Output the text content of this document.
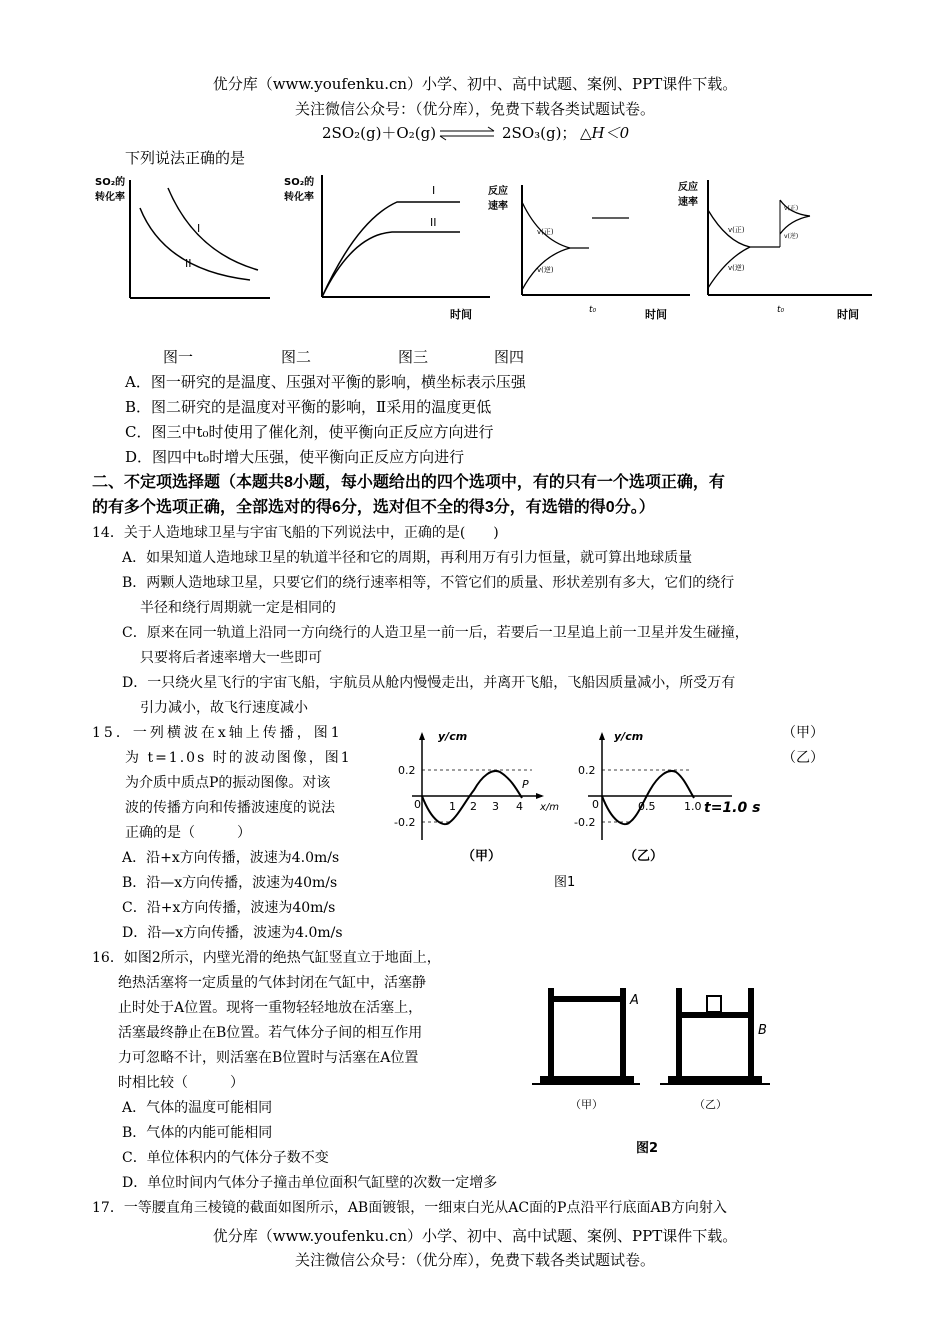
优分库（www.youfenku.cn）小学、初中、高中试题、案例、PPT课件下载。
关注微信公众号：（优分库），免费下载各类试题试卷。
2SO₂(g)＋O₂(g) ⇌ 2SO₃(g)； △H＜0
下列说法正确的是
SO₂的
转化率
I
II
SO₂的
转化率
I
II
时间
反应
速率
v(正)
v(逆)
t₀	时间
反应
速率
v(正)
v(逆)
v(正)
v(逆)
t₀	时间
图一	图二	图三	图四
A．图一研究的是温度、压强对平衡的影响，横坐标表示压强
B．图二研究的是温度对平衡的影响，Ⅱ采用的温度更低
C．图三中t₀时使用了催化剂，使平衡向正反应方向进行
D．图四中t₀时增大压强，使平衡向正反应方向进行
二、不定项选择题（本题共8小题，每小题给出的四个选项中，有的只有一个选项正确，有
的有多个选项正确，全部选对的得6分，选对但不全的得3分，有选错的得0分。）
14．关于人造地球卫星与宇宙飞船的下列说法中，正确的是(　　)
A．如果知道人造地球卫星的轨道半径和它的周期，再利用万有引力恒量，就可算出地球质量
B．两颗人造地球卫星，只要它们的绕行速率相等，不管它们的质量、形状差别有多大，它们的绕行
半径和绕行周期就一定是相同的
C．原来在同一轨道上沿同一方向绕行的人造卫星一前一后，若要后一卫星追上前一卫星并发生碰撞，
只要将后者速率增大一些即可
D．一只绕火星飞行的宇宙飞船，宇航员从舱内慢慢走出，并离开飞船，飞船因质量减小，所受万有
引力减小，故飞行速度减小
15．一列横波在x轴上传播，图1
为 t=1.0s 时的波动图像，图1
为介质中质点P的振动图像。对该
波的传播方向和传播波速度的说法
正确的是（　　　）
（甲）
（乙）
A．沿+x方向传播，波速为4.0m/s
B．沿—x方向传播，波速为40m/s
C．沿+x方向传播，波速为40m/s
D．沿—x方向传播，波速为4.0m/s
y/cm
0.2
-0.2
0	1 2 3 4
P
x/m
（甲）
y/cm
0.2
-0.2
0	0.5	1.0 t=1.0 s
（乙）
图1
16．如图2所示，内壁光滑的绝热气缸竖直立于地面上，
绝热活塞将一定质量的气体封闭在气缸中，活塞静
止时处于A位置。现将一重物轻轻地放在活塞上，
活塞最终静止在B位置。若气体分子间的相互作用
力可忽略不计，则活塞在B位置时与活塞在A位置
时相比较（　　　）
A．气体的温度可能相同
B．气体的内能可能相同
C．单位体积内的气体分子数不变
D．单位时间内气体分子撞击单位面积气缸壁的次数一定增多
A
B
（甲）	（乙）
图2
17．一等腰直角三棱镜的截面如图所示，AB面镀银，一细束白光从AC面的P点沿平行底面AB方向射入
优分库（www.youfenku.cn）小学、初中、高中试题、案例、PPT课件下载。
关注微信公众号：（优分库），免费下载各类试题试卷。
